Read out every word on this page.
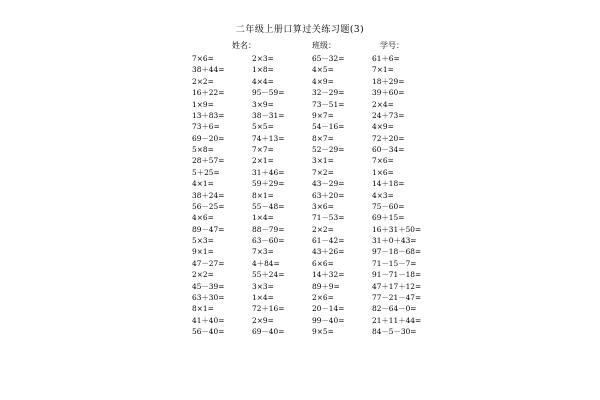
二年级上册口算过关练习题(3)
姓名：	班级：	学号：
7×6=	2×3=	65－32=	61＋6=
38＋44=	1×8=	4×5=	7×1=
2×2=	4×4=	4×9=	18＋29=
16＋22=	95－59=	32－29=	39＋60=
1×9=	3×9=	73－51=	2×4=
13＋83=	38－31=	9×7=	24＋73=
73＋6=	5×5=	54－16=	4×9=
69－20=	74＋13=	8×7=	72＋20=
5×8=	7×7=	52－29=	60－34=
28＋57=	2×1=	3×1=	7×6=
5＋25=	31＋46=	7×2=	1×6=
4×1=	59＋29=	43－29=	14＋18=
38＋24=	8×1=	63＋20=	4×3=
56－25=	55－48=	3×6=	75－60=
4×6=	1×4=	71－53=	69＋15=
89－47=	88－79=	2×2=	16＋31＋50=
5×3=	63－60=	61－42=	31＋0＋43=
9×1=	7×3=	43＋26=	97－18－68=
47－27=	4＋84=	6×6=	71－15－7=
2×2=	55＋24=	14＋32=	91－71－18=
45－39=	3×3=	89＋9=	47＋17＋12=
63＋30=	1×4=	2×6=	77－21－47=
8×1=	72＋16=	20－14=	82－64－0=
41＋40=	2×9=	99－40=	21＋11＋44=
56－40=	69－40=	9×5=	84－5－30=
